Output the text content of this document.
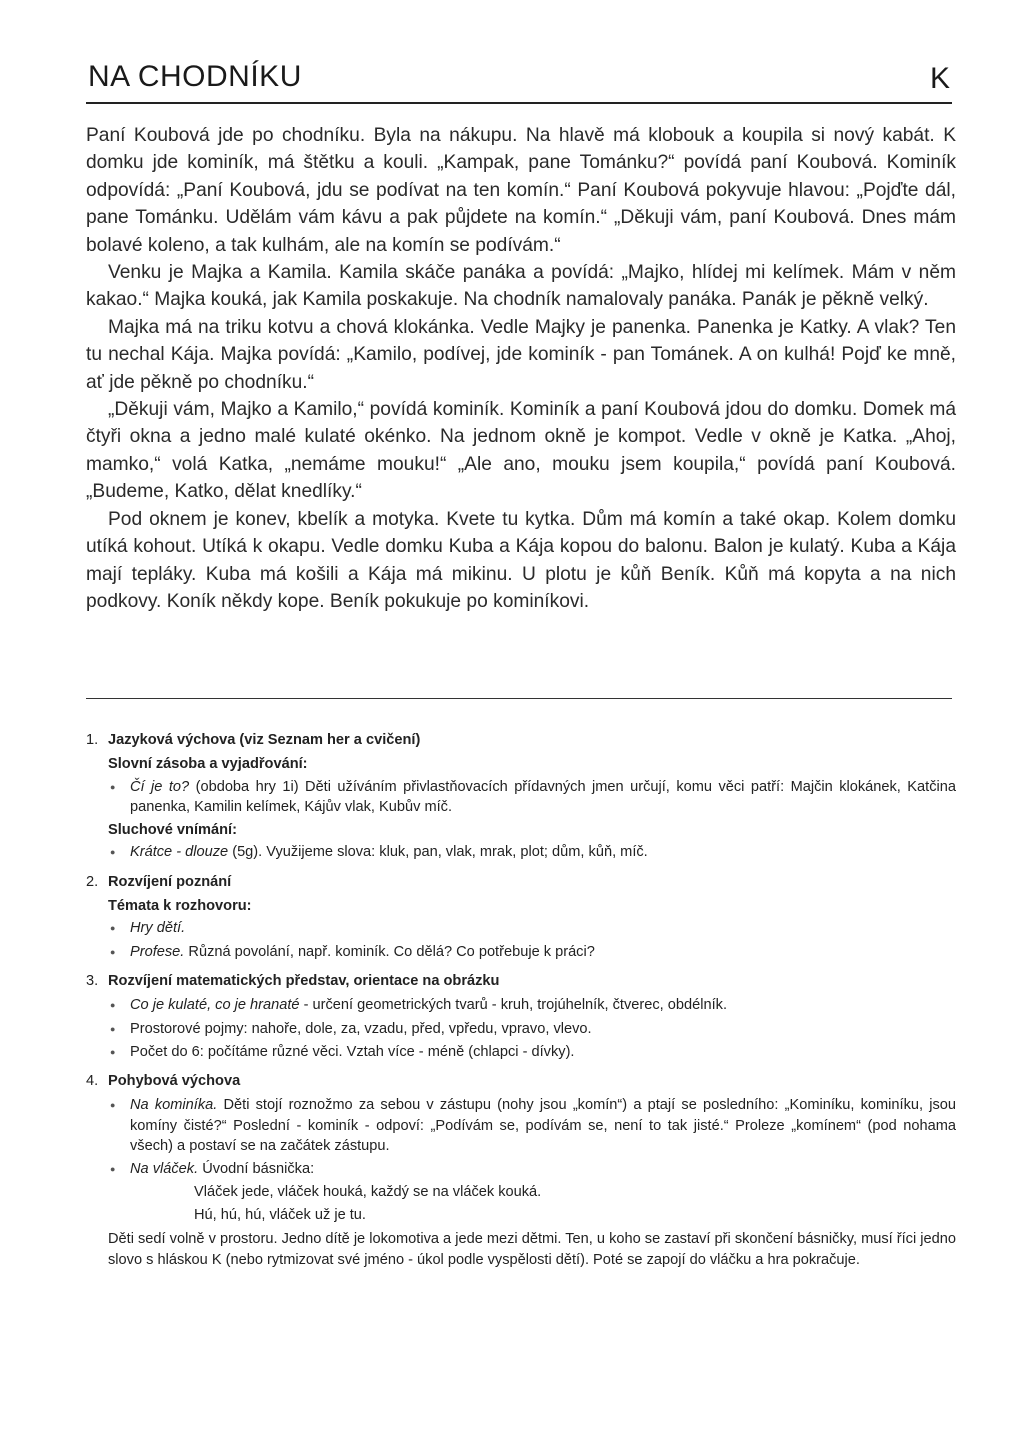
NA CHODNÍKU	K

Paní Koubová jde po chodníku. Byla na nákupu. Na hlavě má klobouk a koupila si nový kabát. K domku jde kominík, má štětku a kouli. „Kampak, pane Tománku?“ povídá paní Koubová. Kominík odpovídá: „Paní Koubová, jdu se podívat na ten komín.“ Paní Koubová pokyvuje hlavou: „Pojďte dál, pane Tománku. Udělám vám kávu a pak půjdete na komín.“ „Děkuji vám, paní Koubová. Dnes mám bolavé koleno, a tak kulhám, ale na komín se podívám.“

Venku je Majka a Kamila. Kamila skáče panáka a povídá: „Majko, hlídej mi kelímek. Mám v něm kakao.“ Majka kouká, jak Kamila poskakuje. Na chodník namalovaly panáka. Panák je pěkně velký.

Majka má na triku kotvu a chová klokánka. Vedle Majky je panenka. Panenka je Katky. A vlak? Ten tu nechal Kája. Majka povídá: „Kamilo, podívej, jde kominík - pan Tománek. A on kulhá! Pojď ke mně, ať jde pěkně po chodníku.“

„Děkuji vám, Majko a Kamilo,“ povídá kominík. Kominík a paní Koubová jdou do domku. Domek má čtyři okna a jedno malé kulaté okénko. Na jednom okně je kompot. Vedle v okně je Katka. „Ahoj, mamko,“ volá Katka, „nemáme mouku!“ „Ale ano, mouku jsem koupila,“ povídá paní Koubová. „Budeme, Katko, dělat knedlíky.“

Pod oknem je konev, kbelík a motyka. Kvete tu kytka. Dům má komín a také okap. Kolem domku utíká kohout. Utíká k okapu. Vedle domku Kuba a Kája kopou do balonu. Balon je kulatý. Kuba a Kája mají tepláky. Kuba má košili a Kája má mikinu. U plotu je kůň Beník. Kůň má kopyta a na nich podkovy. Koník někdy kope. Beník pokukuje po kominíkovi.

1. Jazyková výchova (viz Seznam her a cvičení)
Slovní zásoba a vyjadřování:
● Čí je to? (obdoba hry 1i) Děti užíváním přivlastňovacích přídavných jmen určují, komu věci patří: Majčin klokánek, Katčina panenka, Kamilin kelímek, Kájův vlak, Kubův míč.
Sluchové vnímání:
● Krátce - dlouze (5g). Využijeme slova: kluk, pan, vlak, mrak, plot; dům, kůň, míč.
2. Rozvíjení poznání
Témata k rozhovoru:
● Hry dětí.
● Profese. Různá povolání, např. kominík. Co dělá? Co potřebuje k práci?
3. Rozvíjení matematických představ, orientace na obrázku
● Co je kulaté, co je hranaté - určení geometrických tvarů - kruh, trojúhelník, čtverec, obdélník.
● Prostorové pojmy: nahoře, dole, za, vzadu, před, vpředu, vpravo, vlevo.
● Počet do 6: počítáme různé věci. Vztah více - méně (chlapci - dívky).
4. Pohybová výchova
● Na kominíka. Děti stojí roznožmo za sebou v zástupu (nohy jsou „komín“) a ptají se posledního: „Kominíku, kominíku, jsou komíny čisté?“ Poslední - kominík - odpoví: „Podívám se, podívám se, není to tak jisté.“ Proleze „komínem“ (pod nohama všech) a postaví se na začátek zástupu.
● Na vláček. Úvodní básnička:
Vláček jede, vláček houká, každý se na vláček kouká.
Hú, hú, hú, vláček už je tu.
Děti sedí volně v prostoru. Jedno dítě je lokomotiva a jede mezi dětmi. Ten, u koho se zastaví při skončení básničky, musí říci jedno slovo s hláskou K (nebo rytmizovat své jméno - úkol podle vyspělosti dětí). Poté se zapojí do vláčku a hra pokračuje.
